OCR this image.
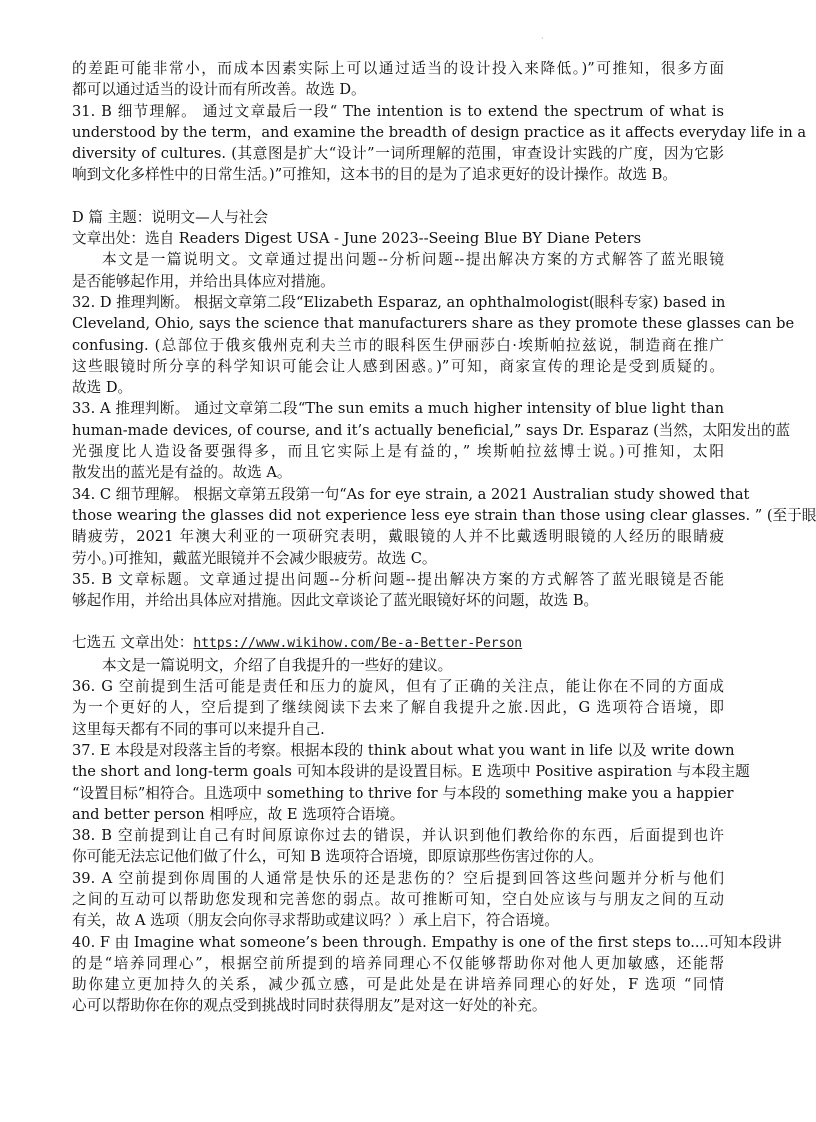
·
的差距可能非常小，而成本因素实际上可以通过适当的设计投入来降低。)”可推知，很多方面
都可以通过适当的设计而有所改善。故选 D。
31. B 细节理解。 通过文章最后一段“ The intention is to extend the spectrum of what is
understood by the term，and examine the breadth of design practice as it affects everyday life in a
diversity of cultures. (其意图是扩大“设计”一词所理解的范围，审查设计实践的广度，因为它影
响到文化多样性中的日常生活。)”可推知，这本书的目的是为了追求更好的设计操作。故选 B。
D 篇 主题：说明文—人与社会
文章出处：选自 Readers Digest USA - June 2023--Seeing Blue BY Diane Peters
本文是一篇说明文。文章通过提出问题--分析问题--提出解决方案的方式解答了蓝光眼镜
是否能够起作用，并给出具体应对措施。
32. D 推理判断。 根据文章第二段“Elizabeth Esparaz, an ophthalmologist(眼科专家) based in
Cleveland, Ohio, says the science that manufacturers share as they promote these glasses can be
confusing. (总部位于俄亥俄州克利夫兰市的眼科医生伊丽莎白·埃斯帕拉兹说，制造商在推广
这些眼镜时所分享的科学知识可能会让人感到困惑。)”可知，商家宣传的理论是受到质疑的。
故选 D。
33. A 推理判断。 通过文章第二段“The sun emits a much higher intensity of blue light than
human-made devices, of course, and it’s actually beneficial,” says Dr. Esparaz (当然，太阳发出的蓝
光强度比人造设备要强得多，而且它实际上是有益的，” 埃斯帕拉兹博士说。)可推知，太阳
散发出的蓝光是有益的。故选 A。
34. C 细节理解。 根据文章第五段第一句“As for eye strain, a 2021 Australian study showed that
those wearing the glasses did not experience less eye strain than those using clear glasses. ” (至于眼
睛疲劳，2021 年澳大利亚的一项研究表明，戴眼镜的人并不比戴透明眼镜的人经历的眼睛疲
劳小。)可推知，戴蓝光眼镜并不会减少眼疲劳。故选 C。
35. B 文章标题。文章通过提出问题--分析问题--提出解决方案的方式解答了蓝光眼镜是否能
够起作用，并给出具体应对措施。因此文章谈论了蓝光眼镜好坏的问题，故选 B。
七选五 文章出处：https://www.wikihow.com/Be-a-Better-Person
本文是一篇说明文，介绍了自我提升的一些好的建议。
36. G 空前提到生活可能是责任和压力的旋风，但有了正确的关注点，能让你在不同的方面成
为一个更好的人，空后提到了继续阅读下去来了解自我提升之旅.因此，G 选项符合语境，即
这里每天都有不同的事可以来提升自己.
37. E 本段是对段落主旨的考察。根据本段的 think about what you want in life 以及 write down
the short and long-term goals 可知本段讲的是设置目标。E 选项中 Positive aspiration 与本段主题
“设置目标”相符合。且选项中 something to thrive for 与本段的 something make you a happier
and better person 相呼应，故 E 选项符合语境。
38. B 空前提到让自己有时间原谅你过去的错误，并认识到他们教给你的东西，后面提到也许
你可能无法忘记他们做了什么，可知 B 选项符合语境，即原谅那些伤害过你的人。
39. A 空前提到你周围的人通常是快乐的还是悲伤的？空后提到回答这些问题并分析与他们
之间的互动可以帮助您发现和完善您的弱点。故可推断可知，空白处应该与与朋友之间的互动
有关，故 A 选项（朋友会向你寻求帮助或建议吗？）承上启下，符合语境。
40. F 由 Imagine what someone’s been through. Empathy is one of the first steps to....可知本段讲
的是“培养同理心”，根据空前所提到的培养同理心不仅能够帮助你对他人更加敏感，还能帮
助你建立更加持久的关系，减少孤立感，可是此处是在讲培养同理心的好处，F 选项 “同情
心可以帮助你在你的观点受到挑战时同时获得朋友”是对这一好处的补充。
